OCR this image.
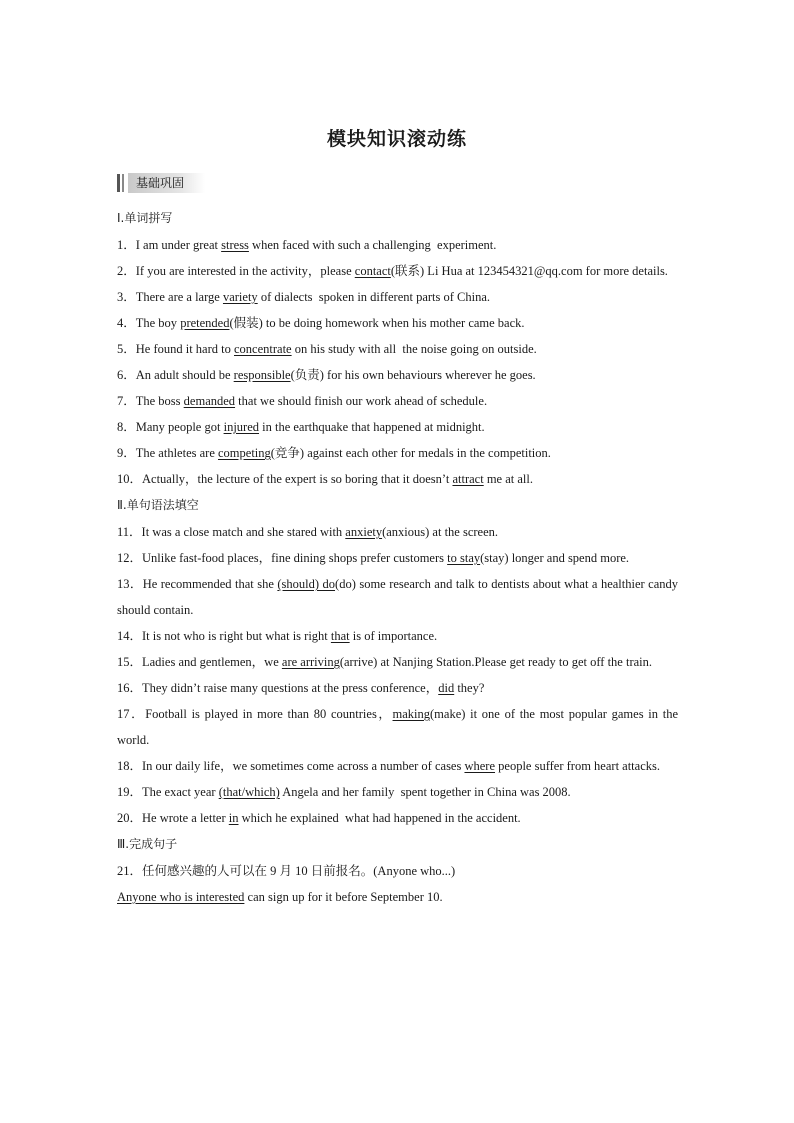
模块知识滚动练
基础巩固
Ⅰ.单词拼写
1．I am under great stress when faced with such a challenging  experiment.
2．If you are interested in the activity，please contact(联系) Li Hua at 123454321@qq.com for more details.
3．There are a large variety of dialects  spoken in different parts of China.
4．The boy pretended(假装) to be doing homework when his mother came back.
5．He found it hard to concentrate on his study with all  the noise going on outside.
6．An adult should be responsible(负责) for his own behaviours wherever he goes.
7．The boss demanded that we should finish our work ahead of schedule.
8．Many people got injured in the earthquake that happened at midnight.
9．The athletes are competing(竞争) against each other for medals in the competition.
10．Actually，the lecture of the expert is so boring that it doesn’t attract me at all.
Ⅱ.单句语法填空
11．It was a close match and she stared with anxiety(anxious) at the screen.
12．Unlike fast-food places，fine dining shops prefer customers to stay(stay) longer and spend more.
13．He recommended that she (should) do(do) some research and talk to dentists about what a healthier candy should contain.
14．It is not who is right but what is right that is of importance.
15．Ladies and gentlemen，we are arriving(arrive) at Nanjing Station.Please get ready to get off the train.
16．They didn’t raise many questions at the press conference，did they?
17．Football is played in more than 80 countries，making(make) it one of the most popular games in the world.
18．In our daily life，we sometimes come across a number of cases where people suffer from heart attacks.
19．The exact year (that/which) Angela and her family  spent together in China was 2008.
20．He wrote a letter in which he explained  what had happened in the accident.
Ⅲ.完成句子
21．任何感兴趣的人可以在 9 月 10 日前报名。(Anyone who...)
Anyone who is interested can sign up for it before September 10.
